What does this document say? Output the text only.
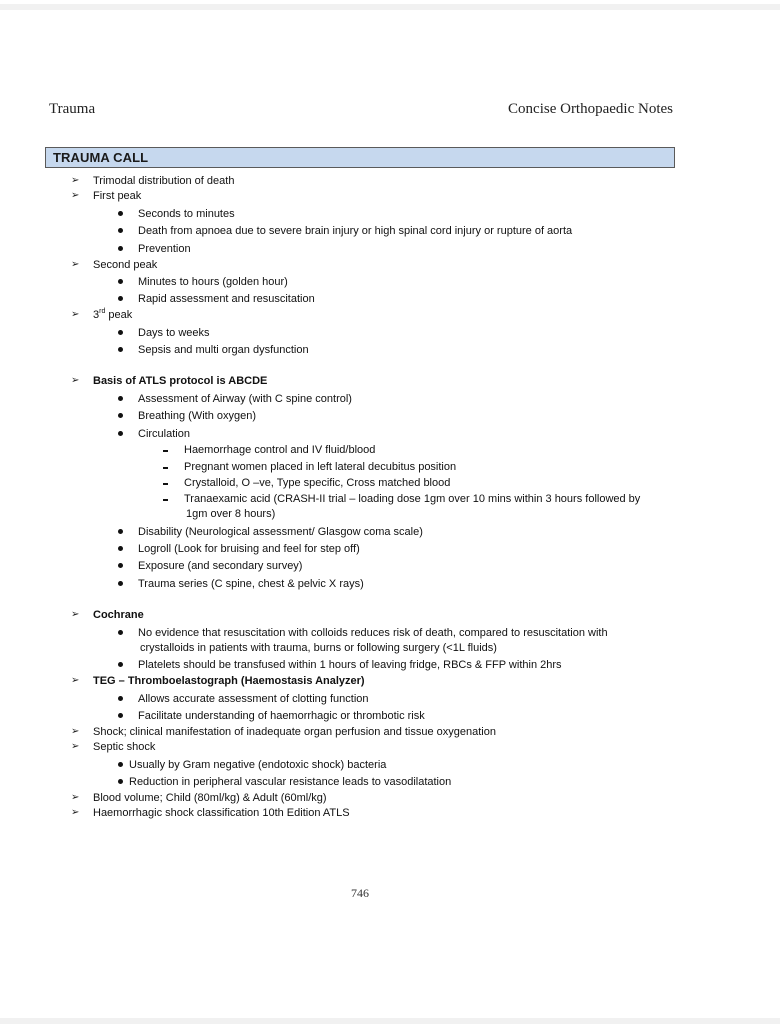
Trauma	Concise Orthopaedic Notes
TRAUMA CALL
➢ Trimodal distribution of death
➢ First peak
Seconds to minutes
Death from apnoea due to severe brain injury or high spinal cord injury or rupture of aorta
Prevention
➢ Second peak
Minutes to hours (golden hour)
Rapid assessment and resuscitation
➢ 3rd peak
Days to weeks
Sepsis and multi organ dysfunction
➢ Basis of ATLS protocol is ABCDE
Assessment of Airway (with C spine control)
Breathing (With oxygen)
Circulation
Haemorrhage control and IV fluid/blood
Pregnant women placed in left lateral decubitus position
Crystalloid, O –ve, Type specific, Cross matched blood
Tranaexamic acid (CRASH-II trial – loading dose 1gm over 10 mins within 3 hours followed by
1gm over 8 hours)
Disability (Neurological assessment/ Glasgow coma scale)
Logroll (Look for bruising and feel for step off)
Exposure (and secondary survey)
Trauma series (C spine, chest & pelvic X rays)
➢ Cochrane
No evidence that resuscitation with colloids reduces risk of death, compared to resuscitation with
crystalloids in patients with trauma, burns or following surgery (<1L fluids)
Platelets should be transfused within 1 hours of leaving fridge, RBCs & FFP within 2hrs
➢ TEG – Thromboelastograph (Haemostasis Analyzer)
Allows accurate assessment of clotting function
Facilitate understanding of haemorrhagic or thrombotic risk
➢ Shock; clinical manifestation of inadequate organ perfusion and tissue oxygenation
➢ Septic shock
Usually by Gram negative (endotoxic shock) bacteria
Reduction in peripheral vascular resistance leads to vasodilatation
➢ Blood volume; Child (80ml/kg) & Adult (60ml/kg)
➢ Haemorrhagic shock classification 10th Edition ATLS
746
